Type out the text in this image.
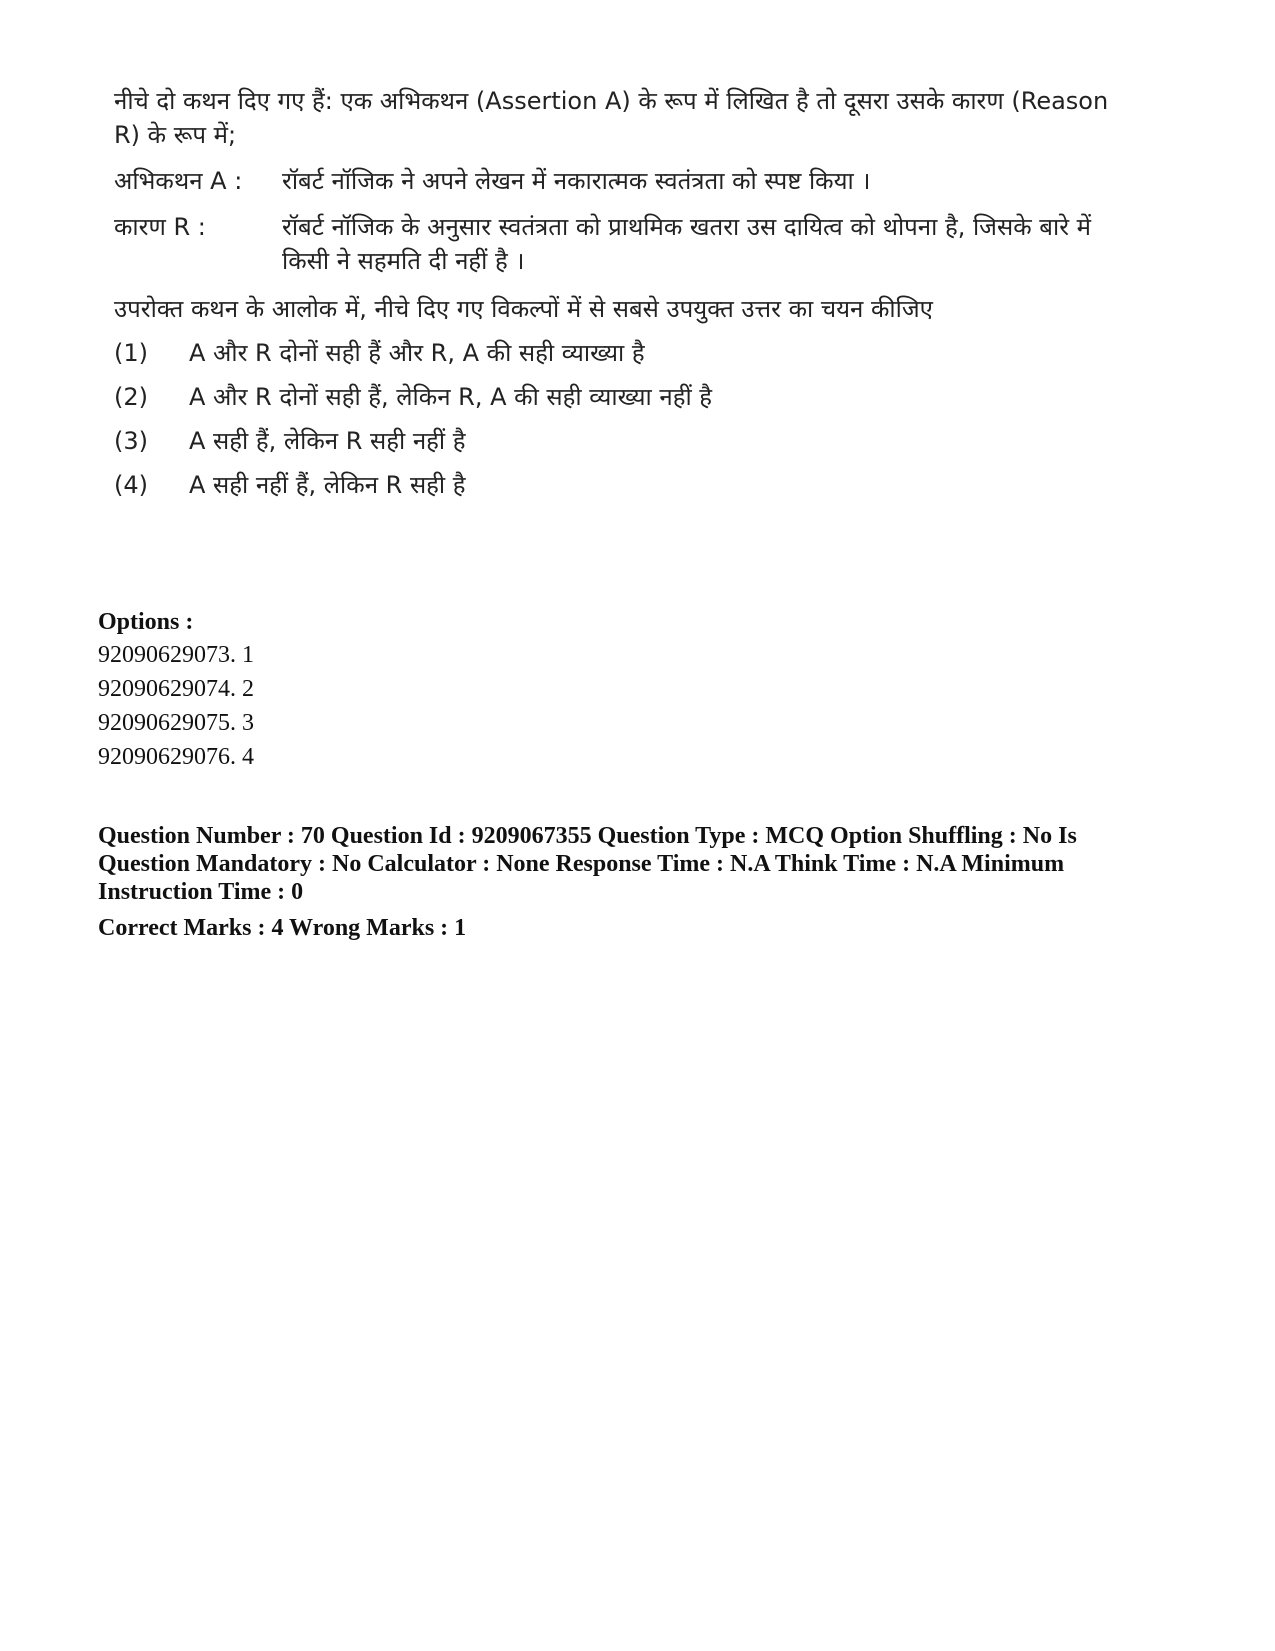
नीचे दो कथन दिए गए हैं: एक अभिकथन (Assertion A) के रूप में लिखित है तो दूसरा उसके कारण (Reason R) के रूप में;

अभिकथन A :	रॉबर्ट नॉजिक ने अपने लेखन में नकारात्मक स्वतंत्रता को स्पष्ट किया ।
कारण R :	रॉबर्ट नॉजिक के अनुसार स्वतंत्रता को प्राथमिक खतरा उस दायित्व को थोपना है, जिसके बारे में किसी ने सहमति दी नहीं है ।
उपरोक्त कथन के आलोक में, नीचे दिए गए विकल्पों में से सबसे उपयुक्त उत्तर का चयन कीजिए
(1)	A और R दोनों सही हैं और R, A की सही व्याख्या है
(2)	A और R दोनों सही हैं, लेकिन R, A की सही व्याख्या नहीं है
(3)	A सही हैं, लेकिन R सही नहीं है
(4)	A सही नहीं हैं, लेकिन R सही है

Options :

92090629073. 1
92090629074. 2
92090629075. 3
92090629076. 4
Question Number : 70 Question Id : 9209067355 Question Type : MCQ Option Shuffling : No Is
Question Mandatory : No Calculator : None Response Time : N.A Think Time : N.A Minimum
Instruction Time : 0
Correct Marks : 4 Wrong Marks : 1
